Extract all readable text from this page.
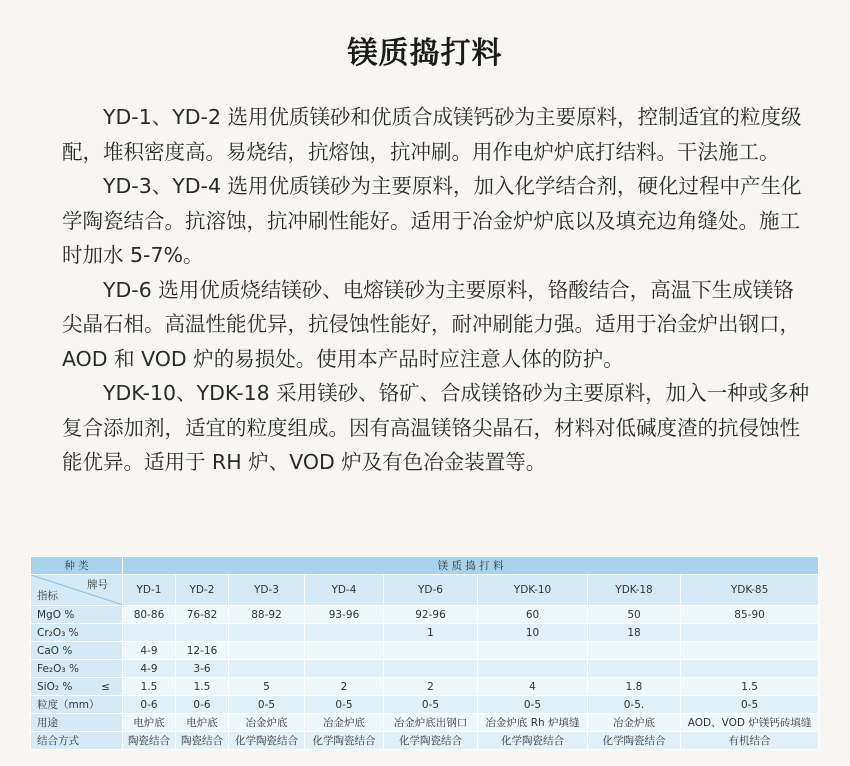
镁质捣打料

YD-1、YD-2 选用优质镁砂和优质合成镁钙砂为主要原料，控制适宜的粒度级配，堆积密度高。易烧结，抗熔蚀，抗冲刷。用作电炉炉底打结料。干法施工。

YD-3、YD-4 选用优质镁砂为主要原料，加入化学结合剂，硬化过程中产生化学陶瓷结合。抗溶蚀，抗冲刷性能好。适用于冶金炉炉底以及填充边角缝处。施工时加水 5-7%。

YD-6 选用优质烧结镁砂、电熔镁砂为主要原料，铬酸结合，高温下生成镁铬尖晶石相。高温性能优异，抗侵蚀性能好，耐冲刷能力强。适用于冶金炉出钢口，AOD 和 VOD 炉的易损处。使用本产品时应注意人体的防护。

YDK-10、YDK-18 采用镁砂、铬矿、合成镁铬砂为主要原料，加入一种或多种复合添加剂，适宜的粒度组成。因有高温镁铬尖晶石，材料对低碱度渣的抗侵蚀性能优异。适用于 RH 炉、VOD 炉及有色冶金装置等。

种 类	镁 质 捣 打 料							

牌号
指标	YD-1	YD-2	YD-3	YD-4	YD-6	YDK-10	YDK-18	YDK-85
MgO %	80-86	76-82	88-92	93-96	92-96	60	50	85-90
Cr₂O₃ %					1	10	18	
CaO %	4-9	12-16						
Fe₂O₃ %	4-9	3-6						
SiO₂ % ≤	1.5	1.5	5	2	2	4	1.8	1.5
粒度（mm）	0-6	0-6	0-5	0-5	0-5	0-5	0-5.	0-5
用途	电炉底	电炉底	冶金炉底	冶金炉底	冶金炉底出钢口	冶金炉底 Rh 炉填缝	冶金炉底	AOD、VOD 炉镁钙砖填缝
结合方式	陶瓷结合	陶瓷结合	化学陶瓷结合	化学陶瓷结合	化学陶瓷结合	化学陶瓷结合	化学陶瓷结合	有机结合
